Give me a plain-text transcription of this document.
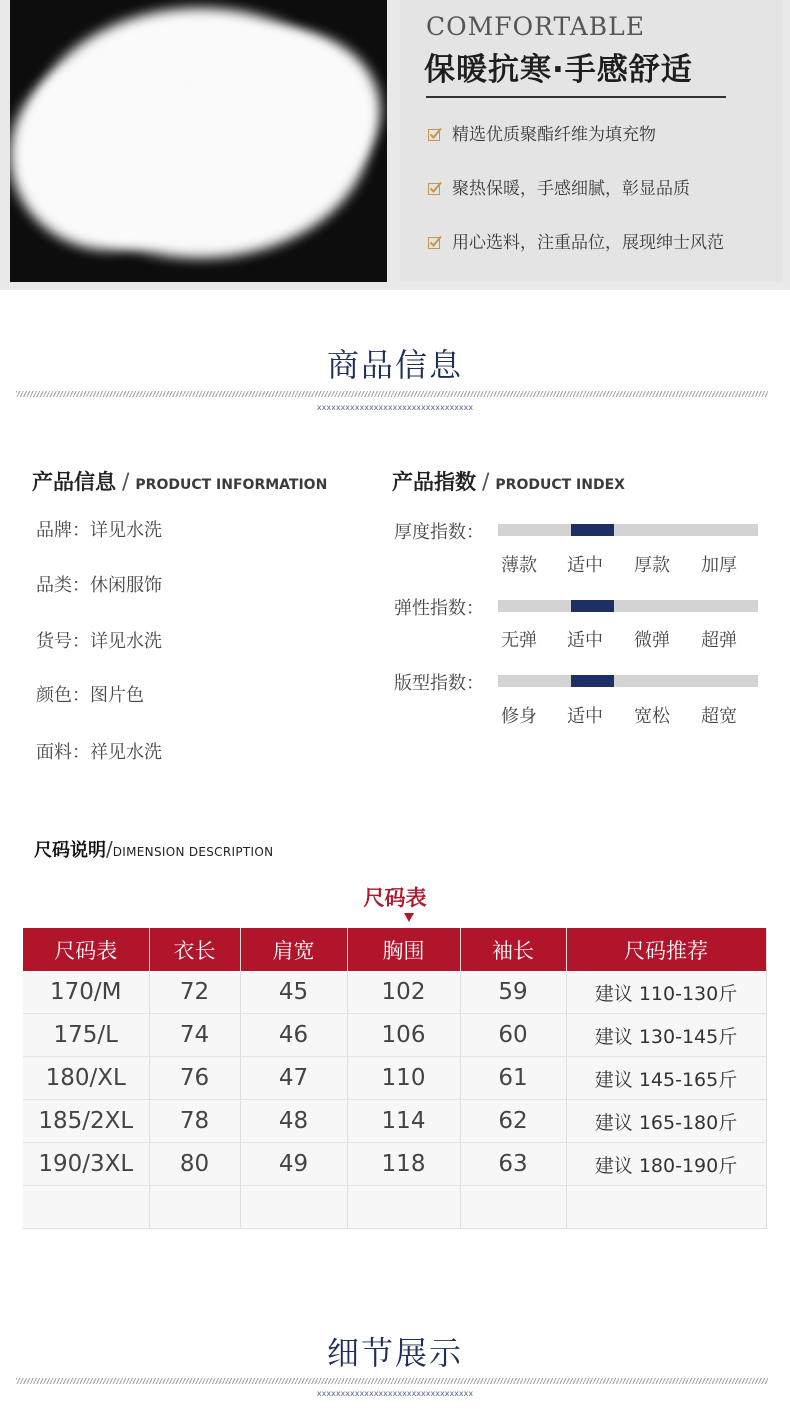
COMFORTABLE
保暖抗寒·手感舒适
精选优质聚酯纤维为填充物
聚热保暖，手感细腻，彰显品质
用心选料，注重品位，展现绅士风范
商品信息
xxxxxxxxxxxxxxxxxxxxxxxxxxxxxxxxx
产品信息 / PRODUCT INFORMATION
品牌：详见水洗
品类：休闲服饰
货号：详见水洗
颜色：图片色
面料：祥见水洗
产品指数 / PRODUCT INDEX
厚度指数：
薄款 适中 厚款 加厚
弹性指数：
无弹 适中 微弹 超弹
版型指数：
修身 适中 宽松 超宽
尺码说明/DIMENSION DESCRIPTION
尺码表
尺码表	衣长	肩宽	胸围	袖长	尺码推荐
170/M	72	45	102	59	建议 110-130斤
175/L	74	46	106	60	建议 130-145斤
180/XL	76	47	110	61	建议 145-165斤
185/2XL	78	48	114	62	建议 165-180斤
190/3XL	80	49	118	63	建议 180-190斤

细节展示
xxxxxxxxxxxxxxxxxxxxxxxxxxxxxxxxx
